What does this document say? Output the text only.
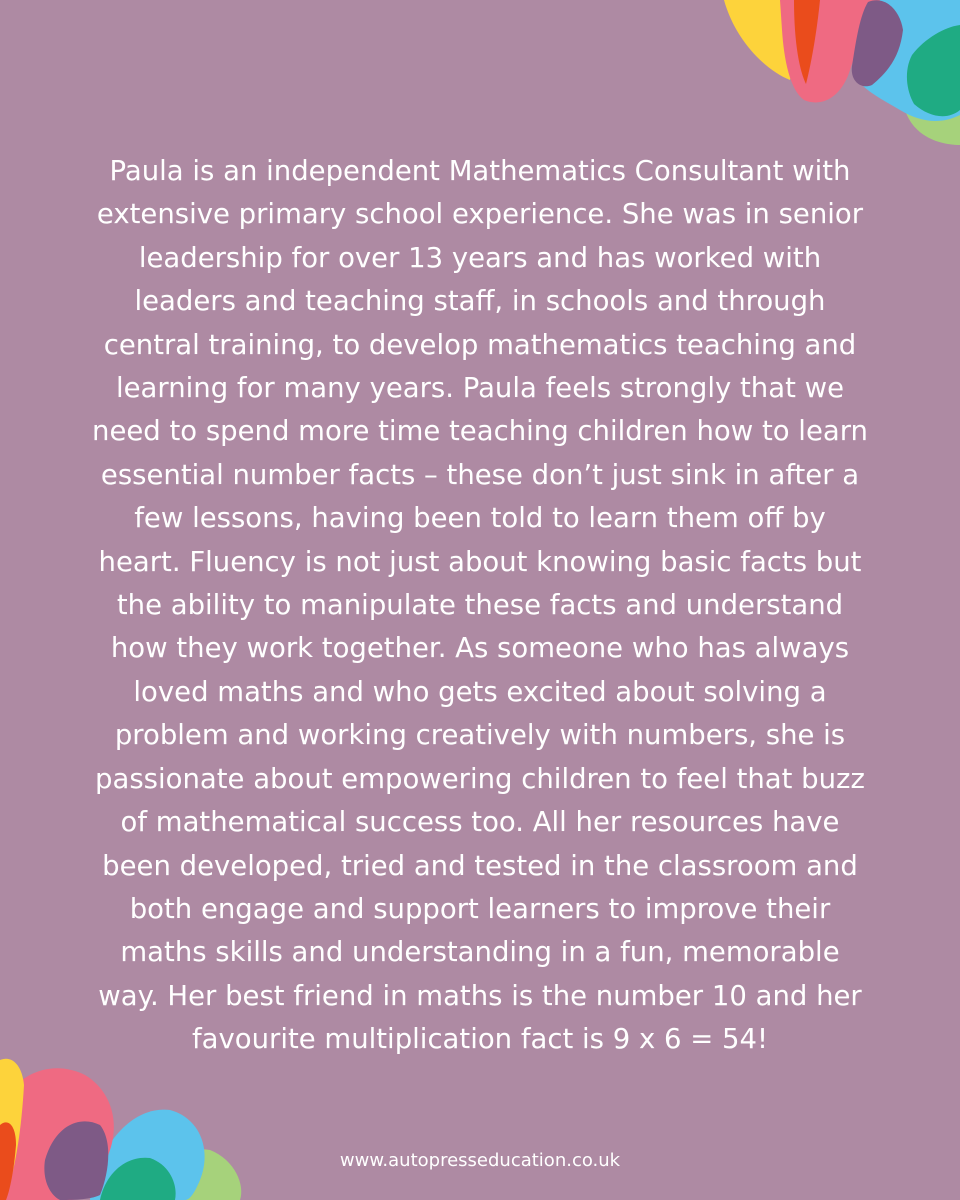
Paula is an independent Mathematics Consultant with extensive primary school experience. She was in senior leadership for over 13 years and has worked with leaders and teaching staff, in schools and through central training, to develop mathematics teaching and learning for many years. Paula feels strongly that we need to spend more time teaching children how to learn essential number facts – these don’t just sink in after a few lessons, having been told to learn them off by heart. Fluency is not just about knowing basic facts but the ability to manipulate these facts and understand how they work together. As someone who has always loved maths and who gets excited about solving a problem and working creatively with numbers, she is passionate about empowering children to feel that buzz of mathematical success too. All her resources have been developed, tried and tested in the classroom and both engage and support learners to improve their maths skills and understanding in a fun, memorable way. Her best friend in maths is the number 10 and her favourite multiplication fact is 9 x 6 = 54!

www.autopresseducation.co.uk
